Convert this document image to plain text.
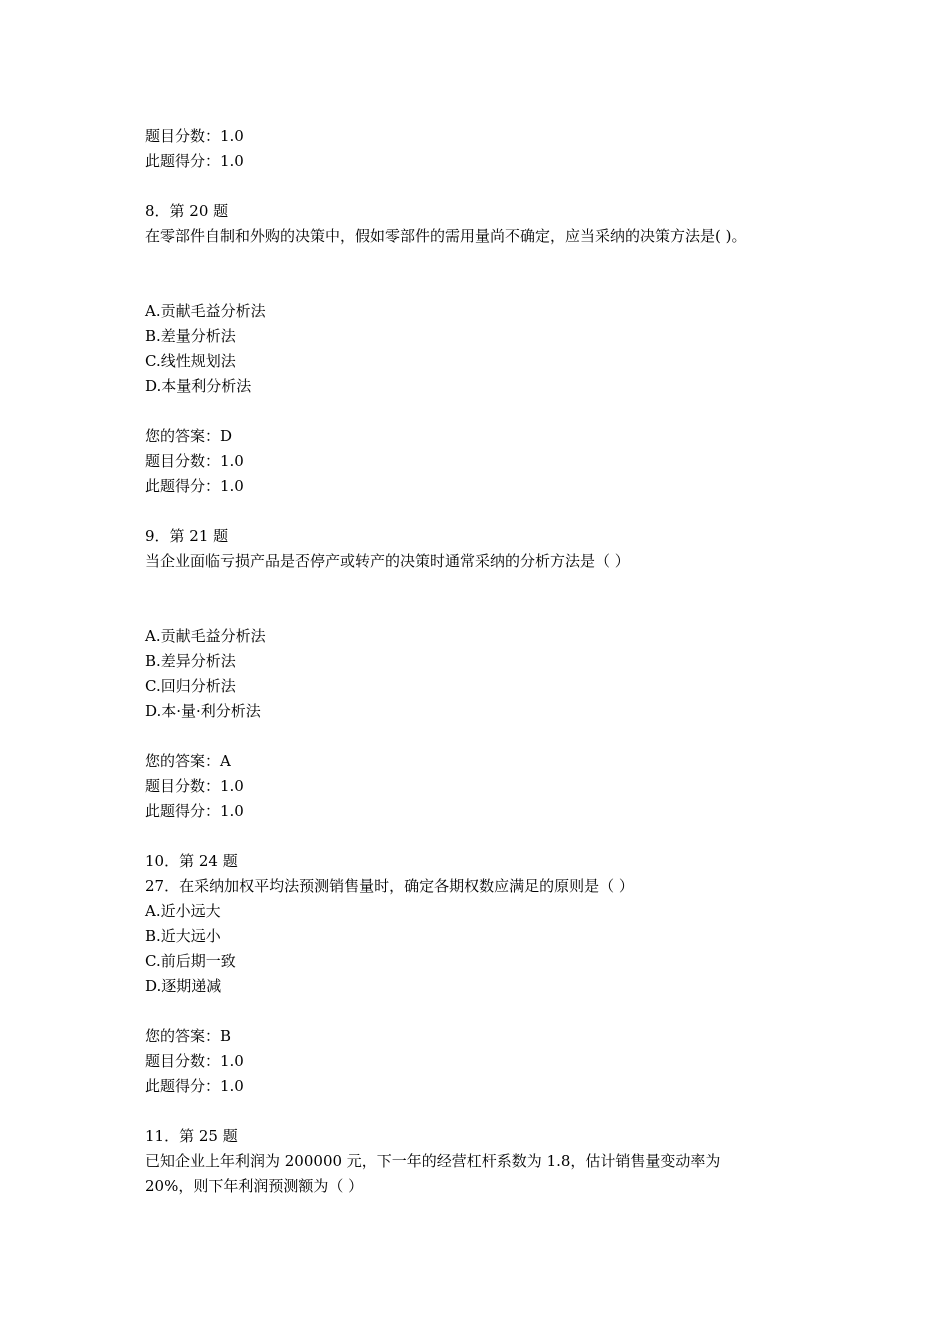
题目分数：1.0
此题得分：1.0
8．第 20 题
在零部件自制和外购的决策中，假如零部件的需用量尚不确定，应当采纳的决策方法是( )。
A.贡献毛益分析法
B.差量分析法
C.线性规划法
D.本量利分析法
您的答案：D
题目分数：1.0
此题得分：1.0
9．第 21 题
当企业面临亏损产品是否停产或转产的决策时通常采纳的分析方法是（ ）
A.贡献毛益分析法
B.差异分析法
C.回归分析法
D.本·量·利分析法
您的答案：A
题目分数：1.0
此题得分：1.0
10．第 24 题
27．在采纳加权平均法预测销售量时，确定各期权数应满足的原则是（ ）
A.近小远大
B.近大远小
C.前后期一致
D.逐期递减
您的答案：B
题目分数：1.0
此题得分：1.0
11．第 25 题
已知企业上年利润为 200000 元，下一年的经营杠杆系数为 1.8，估计销售量变动率为
20%，则下年利润预测额为（ ）
